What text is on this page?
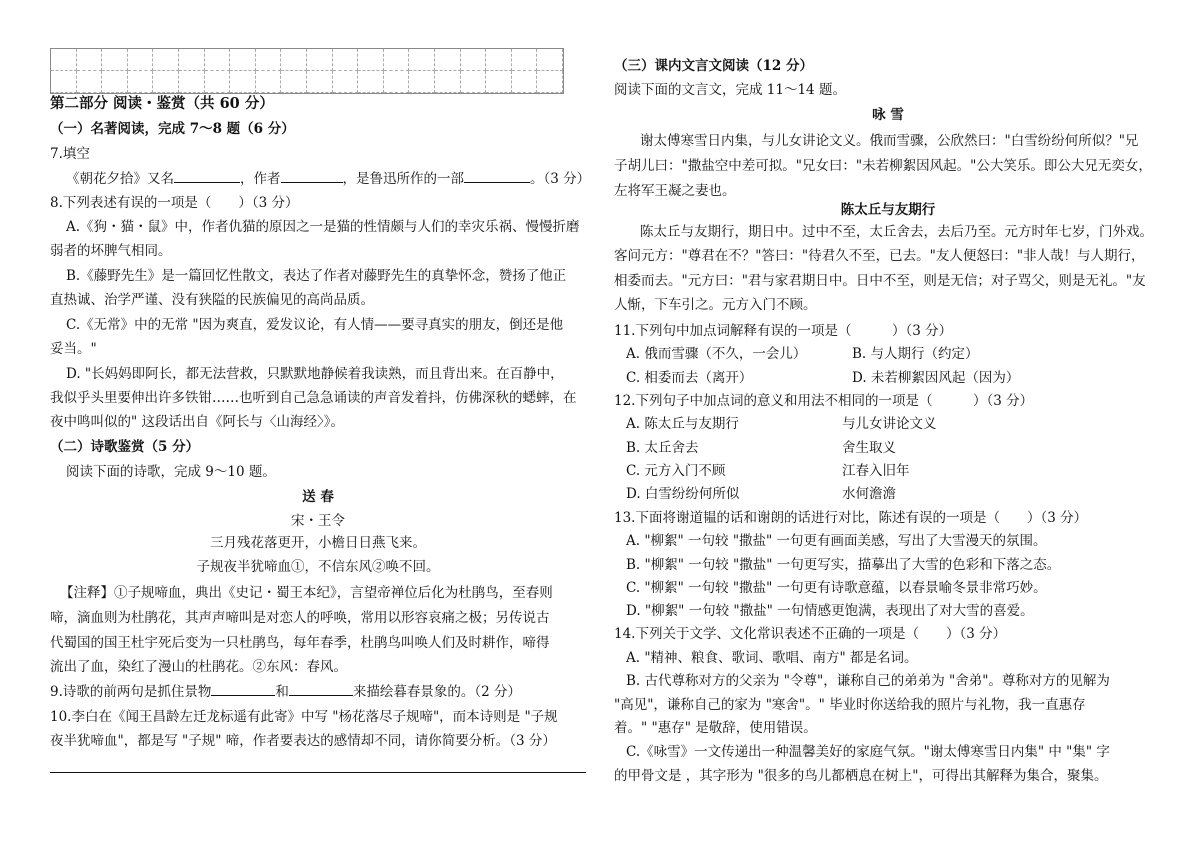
第二部分 阅读・鉴赏（共 60 分）
（一）名著阅读，完成 7～8 题（6 分）
7.填空
《朝花夕拾》又名	，作者	，是鲁迅所作的一部	。（3 分）
8.下列表述有误的一项是（　　）（3 分）
A.《狗・猫・鼠》中，作者仇猫的原因之一是猫的性情颇与人们的幸灾乐祸、慢慢折磨
弱者的坏脾气相同。
B.《藤野先生》是一篇回忆性散文，表达了作者对藤野先生的真挚怀念，赞扬了他正
直热诚、治学严谨、没有狭隘的民族偏见的高尚品质。
C.《无常》中的无常 "因为爽直，爱发议论，有人情——要寻真实的朋友，倒还是他
妥当。"
D. "长妈妈即阿长，都无法营救，只默默地静候着我读熟，而且背出来。在百静中，
我似乎头里要伸出许多铁钳……也听到自己急急诵读的声音发着抖，仿佛深秋的蟋蟀，在
夜中鸣叫似的" 这段话出自《阿长与〈山海经〉》。
（二）诗歌鉴赏（5 分）
阅读下面的诗歌，完成 9～10 题。
送 春
宋・王令
三月残花落更开，小檐日日燕飞来。
子规夜半犹啼血①，不信东风②唤不回。
【注释】①子规啼血，典出《史记・蜀王本纪》，言望帝禅位后化为杜鹃鸟，至春则
啼，滴血则为杜鹃花，其声声啼叫是对恋人的呼唤，常用以形容哀痛之极；另传说古
代蜀国的国王杜宇死后变为一只杜鹃鸟，每年春季，杜鹃鸟叫唤人们及时耕作，啼得
流出了血，染红了漫山的杜鹃花。②东风：春风。
9.诗歌的前两句是抓住景物	和	来描绘暮春景象的。（2 分）
10.李白在《闻王昌龄左迁龙标遥有此寄》中写 "杨花落尽子规啼"，而本诗则是 "子规
夜半犹啼血"，都是写 "子规" 啼，作者要表达的感情却不同，请你简要分析。（3 分）
（三）课内文言文阅读（12 分）
阅读下面的文言文，完成 11～14 题。
咏 雪
谢太傅寒雪日内集，与儿女讲论文义。俄而雪骤，公欣然曰："白雪纷纷何所似？"兄
子胡儿曰："撒盐空中差可拟。"兄女曰："未若柳絮因风起。"公大笑乐。即公大兄无奕女，
左将军王凝之妻也。
陈太丘与友期行
陈太丘与友期行，期日中。过中不至，太丘舍去，去后乃至。元方时年七岁，门外戏。
客问元方："尊君在不？"答曰："待君久不至，已去。"友人便怒曰："非人哉！与人期行，
相委而去。"元方曰："君与家君期日中。日中不至，则是无信；对子骂父，则是无礼。"友
人惭，下车引之。元方入门不顾。
11.下列句中加点词解释有误的一项是（　　　）（3 分）
A. 俄而雪骤（不久，一会儿）	B. 与人期行（约定）
C. 相委而去（离开）	D. 未若柳絮因风起（因为）
12.下列句子中加点词的意义和用法不相同的一项是（　　　）（3 分）
A. 陈太丘与友期行	与儿女讲论文义
B. 太丘舍去	舍生取义
C. 元方入门不顾	江春入旧年
D. 白雪纷纷何所似	水何澹澹
13.下面将谢道韫的话和谢朗的话进行对比，陈述有误的一项是（　　）（3 分）
A. "柳絮" 一句较 "撒盐" 一句更有画面美感，写出了大雪漫天的氛围。
B. "柳絮" 一句较 "撒盐" 一句更写实，描摹出了大雪的色彩和下落之态。
C. "柳絮" 一句较 "撒盐" 一句更有诗歌意蕴，以春景喻冬景非常巧妙。
D. "柳絮" 一句较 "撒盐" 一句情感更饱满，表现出了对大雪的喜爱。
14.下列关于文学、文化常识表述不正确的一项是（　　）（3 分）
A. "精神、粮食、歌词、歌唱、南方" 都是名词。
B. 古代尊称对方的父亲为 "令尊"，谦称自己的弟弟为 "舍弟"。尊称对方的见解为
"高见"，谦称自己的家为 "寒舍"。" 毕业时你送给我的照片与礼物，我一直惠存
着。" "惠存" 是敬辞，使用错误。
C.《咏雪》一文传递出一种温馨美好的家庭气氛。"谢太傅寒雪日内集" 中 "集" 字
的甲骨文是 ，其字形为 "很多的鸟儿都栖息在树上"，可得出其解释为集合，聚集。
